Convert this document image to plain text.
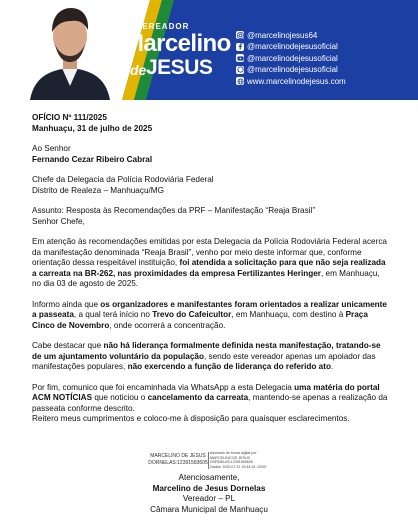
VEREADOR
Marcelino
de JESUS
@marcelinojesus64
@marcelinodejesusoficial
@marcelinodejesusoficial
@marcelinodejesusoficial
www.marcelinodejesus.com

OFÍCIO Nº 111/2025

Manhuaçu, 31 de julho de 2025

Ao Senhor

Fernando Cezar Ribeiro Cabral

Chefe da Delegacia da Polícia Rodoviária Federal

Distrito de Realeza – Manhuaçu/MG

Assunto: Resposta às Recomendações da PRF – Manifestação “Reaja Brasil”

Senhor Chefe,

Em atenção às recomendações emitidas por esta Delegacia da Polícia Rodoviária Federal acerca da manifestação denominada “Reaja Brasil”, venho por meio deste informar que, conforme orientação dessa respeitável instituição, foi atendida a solicitação para que não seja realizada a carreata na BR-262, nas proximidades da empresa Fertilizantes Heringer, em Manhuaçu, no dia 03 de agosto de 2025.

Informo ainda que os organizadores e manifestantes foram orientados a realizar unicamente a passeata, a qual terá início no Trevo do Cafeicultor, em Manhuaçu, com destino à Praça Cinco de Novembro, onde ocorrerá a concentração.

Cabe destacar que não há liderança formalmente definida nesta manifestação, tratando-se de um ajuntamento voluntário da população, sendo este vereador apenas um apoiador das manifestações populares, não exercendo a função de liderança do referido ato.

Por fim, comunico que foi encaminhada via WhatsApp a esta Delegacia uma matéria do portal ACM NOTÍCIAS que noticiou o cancelamento da carreata, mantendo-se apenas a realização da passeata conforme descrito.

Reitero meus cumprimentos e coloco-me à disposição para quaisquer esclarecimentos.

MARCELINO DE JESUS
DORNELAS:12391583605
Assinado de forma digital por
MARCELINO DE JESUS
DORNELAS:12391583605
Dados: 2025.07.31 19:44:15 -03'00'

Atenciosamente,

Marcelino de Jesus Dornelas

Vereador – PL

Câmara Municipal de Manhuaçu
